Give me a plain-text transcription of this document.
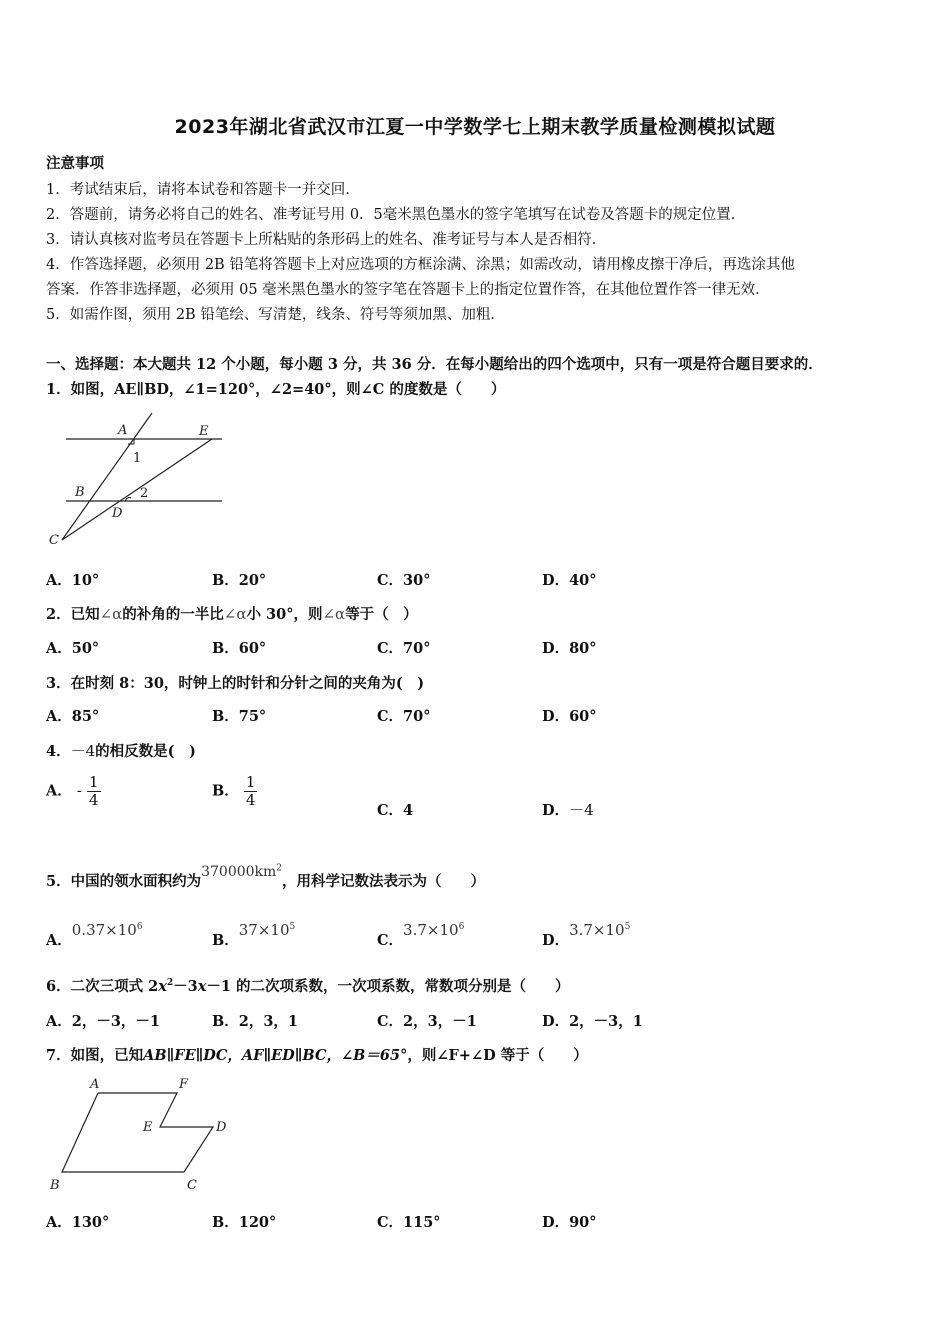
2023年湖北省武汉市江夏一中学数学七上期末教学质量检测模拟试题
注意事项
1．考试结束后，请将本试卷和答题卡一并交回．
2．答题前，请务必将自己的姓名、准考证号用 0．5毫米黑色墨水的签字笔填写在试卷及答题卡的规定位置．
3．请认真核对监考员在答题卡上所粘贴的条形码上的姓名、准考证号与本人是否相符．
4．作答选择题，必须用 2B 铅笔将答题卡上对应选项的方框涂满、涂黑；如需改动，请用橡皮擦干净后，再选涂其他
答案．作答非选择题，必须用 05 毫米黑色墨水的签字笔在答题卡上的指定位置作答，在其他位置作答一律无效．
5．如需作图，须用 2B 铅笔绘、写清楚，线条、符号等须加黑、加粗．
一、选择题：本大题共 12 个小题，每小题 3 分，共 36 分．在每小题给出的四个选项中，只有一项是符合题目要求的．
1．如图，AE∥BD，∠1=120°，∠2=40°，则∠C 的度数是（　　）
A	E
1
B	2
D
C
A．10°	B．20°	C．30°	D．40°
2．已知∠α的补角的一半比∠α小 30°，则∠α等于（　）
A．50°	B．60°	C．70°	D．80°
3．在时刻 8：30，时钟上的时针和分针之间的夹角为(　)
A．85°	B．75°	C．70°	D．60°
4．－4的相反数是(　)
A． - $\frac{1}{4}$	B． $\frac{1}{4}$
C．4	D．－4
5．中国的领水面积约为$370000km^2$，用科学记数法表示为（　　）
A．$0.37\times 10^6$
B．$37\times 10^5$
C．$3.7\times 10^6$
D．$3.7\times 10^5$
6．二次三项式 $2x^2-3x-1$ 的二次项系数，一次项系数，常数项分别是（　　）
A．2，－3，－1	B．2，3，1	C．2，3，－1	D．2，－3，1
7．如图，已知AB∥FE∥DC，AF∥ED∥BC，∠B＝65°，则∠F+∠D 等于（　　）
A	F
E	D
B	C
A．130°	B．120°	C．115°	D．90°
